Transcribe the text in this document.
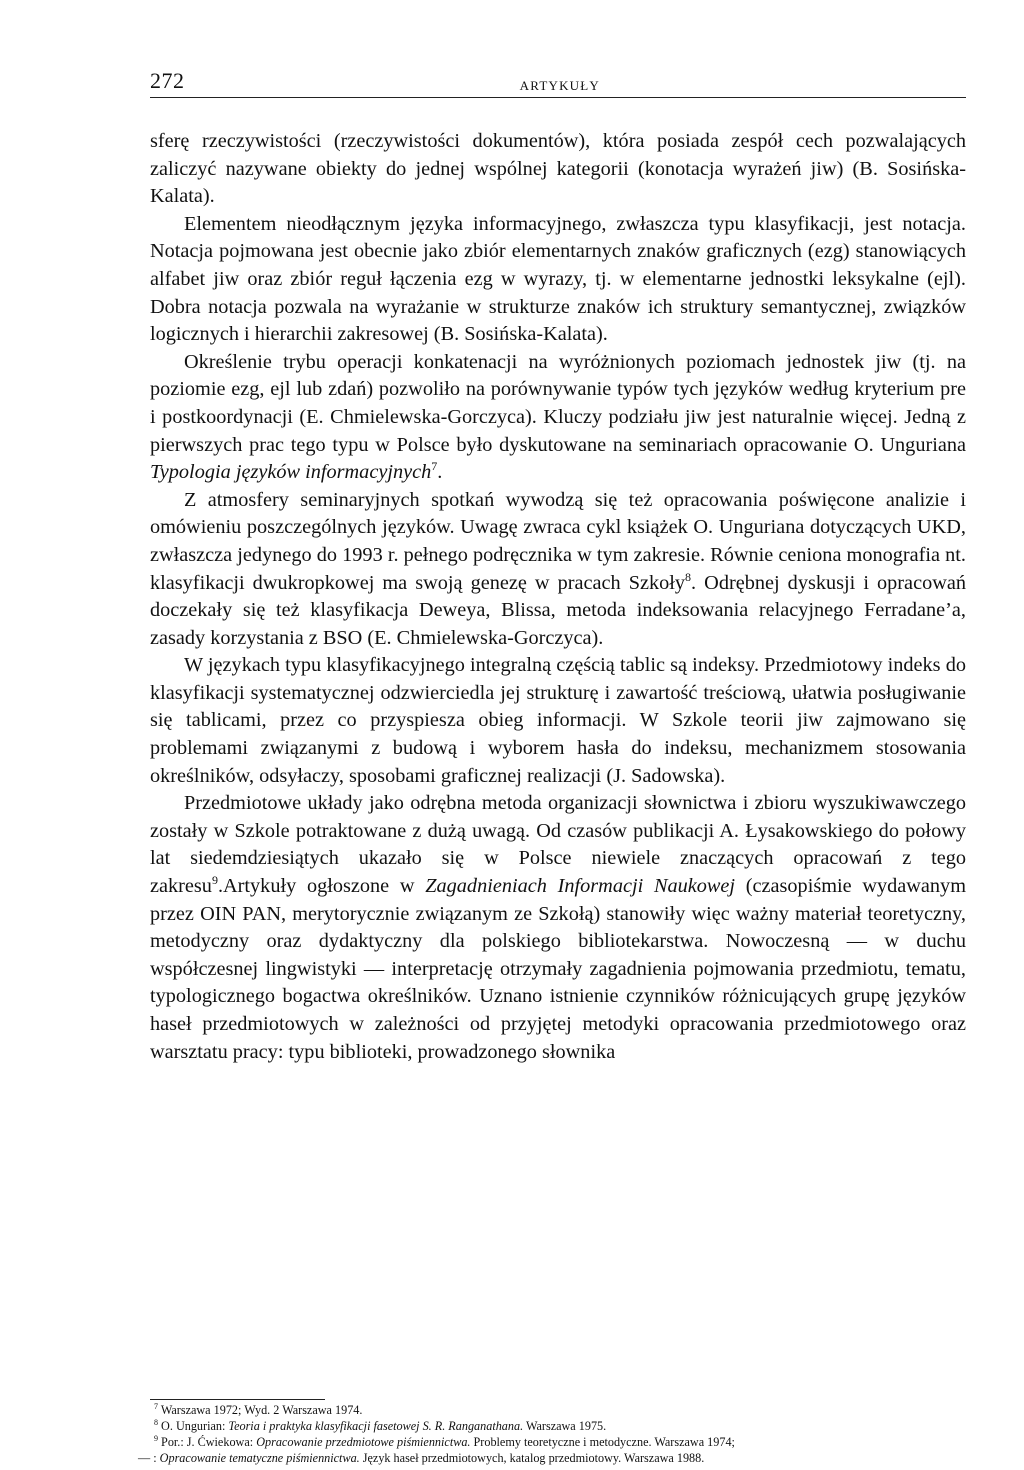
272	ARTYKUŁY

sferę rzeczywistości (rzeczywistości dokumentów), która posiada zespół cech pozwalających zaliczyć nazywane obiekty do jednej wspólnej kategorii (konotacja wyrażeń jiw) (B. Sosińska-Kalata).

Elementem nieodłącznym języka informacyjnego, zwłaszcza typu klasyfikacji, jest notacja. Notacja pojmowana jest obecnie jako zbiór elementarnych znaków graficznych (ezg) stanowiących alfabet jiw oraz zbiór reguł łączenia ezg w wyrazy, tj. w elementarne jednostki leksykalne (ejl). Dobra notacja pozwala na wyrażanie w strukturze znaków ich struktury semantycznej, związków logicznych i hierarchii zakresowej (B. Sosińska-Kalata).

Określenie trybu operacji konkatenacji na wyróżnionych poziomach jednostek jiw (tj. na poziomie ezg, ejl lub zdań) pozwoliło na porównywanie typów tych języków według kryterium pre i postkoordynacji (E. Chmielewska-Gorczyca). Kluczy podziału jiw jest naturalnie więcej. Jedną z pierwszych prac tego typu w Polsce było dyskutowane na seminariach opracowanie O. Unguriana Typologia języków informacyjnych$^7$.

Z atmosfery seminaryjnych spotkań wywodzą się też opracowania poświęcone analizie i omówieniu poszczególnych języków. Uwagę zwraca cykl książek O. Unguriana dotyczących UKD, zwłaszcza jedynego do 1993 r. pełnego podręcznika w tym zakresie. Równie ceniona monografia nt. klasyfikacji dwukropkowej ma swoją genezę w pracach Szkoły$^8$. Odrębnej dyskusji i opracowań doczekały się też klasyfikacja Deweya, Blissa, metoda indeksowania relacyjnego Ferradane’a, zasady korzystania z BSO (E. Chmielewska-Gorczyca).

W językach typu klasyfikacyjnego integralną częścią tablic są indeksy. Przedmiotowy indeks do klasyfikacji systematycznej odzwierciedla jej strukturę i zawartość treściową, ułatwia posługiwanie się tablicami, przez co przyspiesza obieg informacji. W Szkole teorii jiw zajmowano się problemami związanymi z budową i wyborem hasła do indeksu, mechanizmem stosowania określników, odsyłaczy, sposobami graficznej realizacji (J. Sadowska).

Przedmiotowe układy jako odrębna metoda organizacji słownictwa i zbioru wyszukiwawczego zostały w Szkole potraktowane z dużą uwagą. Od czasów publikacji A. Łysakowskiego do połowy lat siedemdziesiątych ukazało się w Polsce niewiele znaczących opracowań z tego zakresu$^9$.Artykuły ogłoszone w Zagadnieniach Informacji Naukowej (czasopiśmie wydawanym przez OIN PAN, merytorycznie związanym ze Szkołą) stanowiły więc ważny materiał teoretyczny, metodyczny oraz dydaktyczny dla polskiego bibliotekarstwa. Nowoczesną — w duchu współczesnej lingwistyki — interpretację otrzymały zagadnienia pojmowania przedmiotu, tematu, typologicznego bogactwa określników. Uznano istnienie czynników różnicujących grupę języków haseł przedmiotowych w zależności od przyjętej metodyki opracowania przedmiotowego oraz warsztatu pracy: typu biblioteki, prowadzonego słownika

$^7$ Warszawa 1972; Wyd. 2 Warszawa 1974.

$^8$ O. Ungurian: Teoria i praktyka klasyfikacji fasetowej S. R. Ranganathana. Warszawa 1975.

$^9$ Por.: J. Ćwiekowa: Opracowanie przedmiotowe piśmiennictwa. Problemy teoretyczne i metodyczne. Warszawa 1974;

— : Opracowanie tematyczne piśmiennictwa. Język haseł przedmiotowych, katalog przedmiotowy. Warszawa 1988.
